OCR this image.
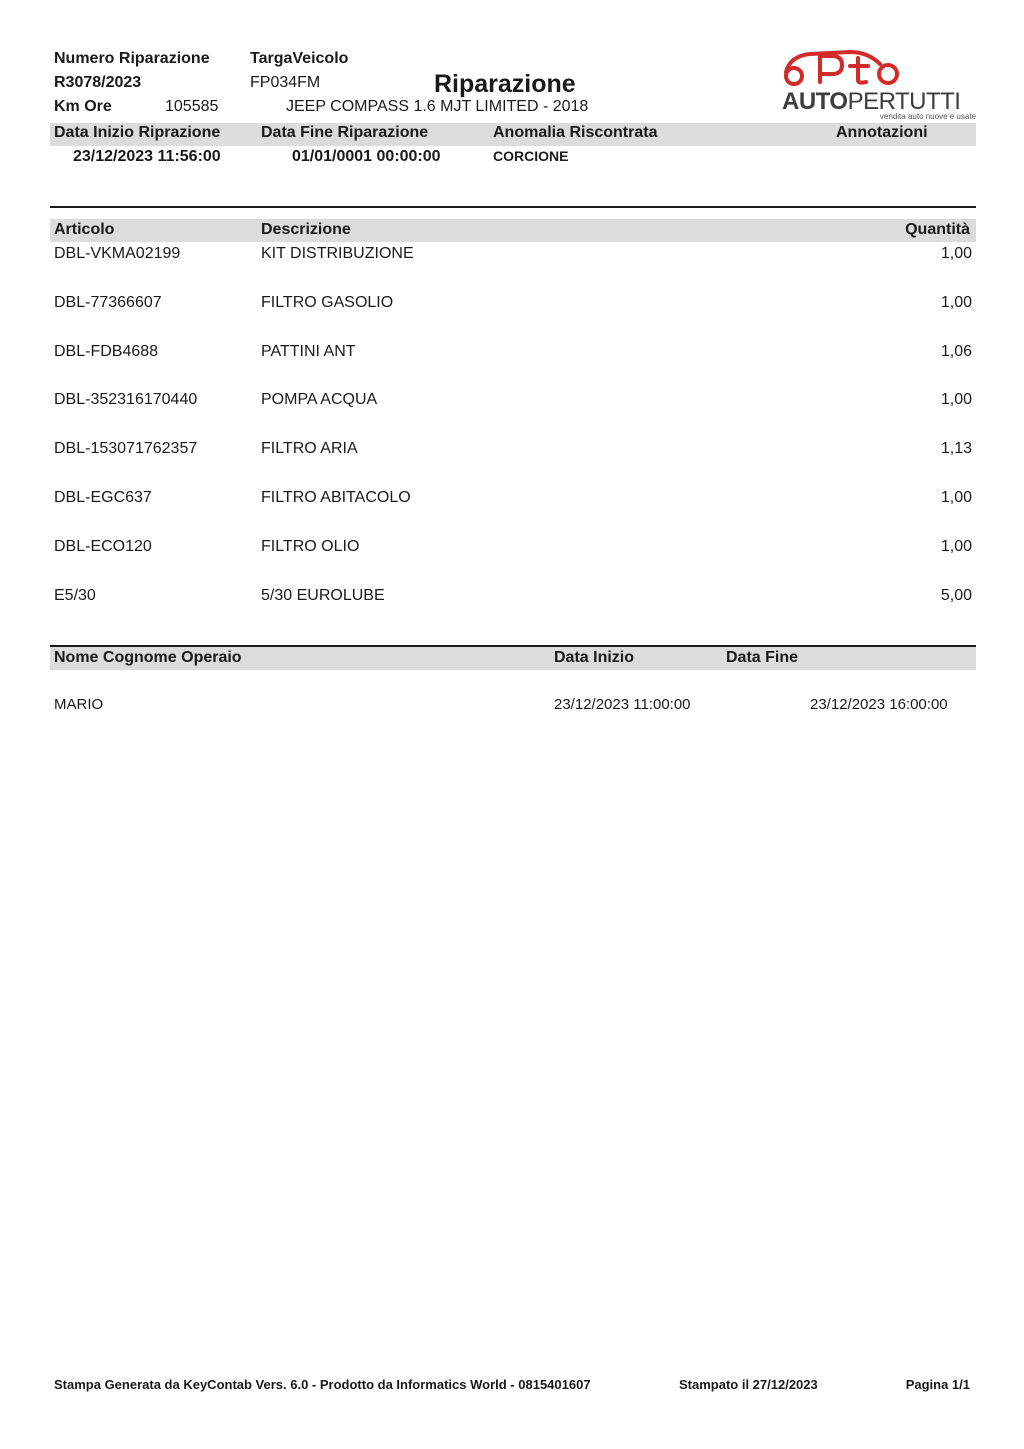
Numero Riparazione
R3078/2023
Km Ore	105585
TargaVeicolo
FP034FM	Riparazione
JEEP COMPASS 1.6 MJT LIMITED - 2018	AUTOPERTUTTI
vendita auto nuove e usate
Data Inizio Riprazione	Data Fine Riparazione	Anomalia Riscontrata	Annotazioni
23/12/2023 11:56:00	01/01/0001 00:00:00	CORCIONE
Articolo	Descrizione	Quantità
DBL-VKMA02199	KIT DISTRIBUZIONE	1,00
DBL-77366607	FILTRO GASOLIO	1,00
DBL-FDB4688	PATTINI ANT	1,06
DBL-352316170440	POMPA ACQUA	1,00
DBL-153071762357	FILTRO ARIA	1,13
DBL-EGC637	FILTRO ABITACOLO	1,00
DBL-ECO120	FILTRO OLIO	1,00
E5/30	5/30 EUROLUBE	5,00
Nome Cognome Operaio	Data Inizio	Data Fine
MARIO	23/12/2023 11:00:00	23/12/2023 16:00:00
Stampa Generata da KeyContab Vers. 6.0 - Prodotto da Informatics World - 0815401607	Stampato il 27/12/2023	Pagina 1/1
